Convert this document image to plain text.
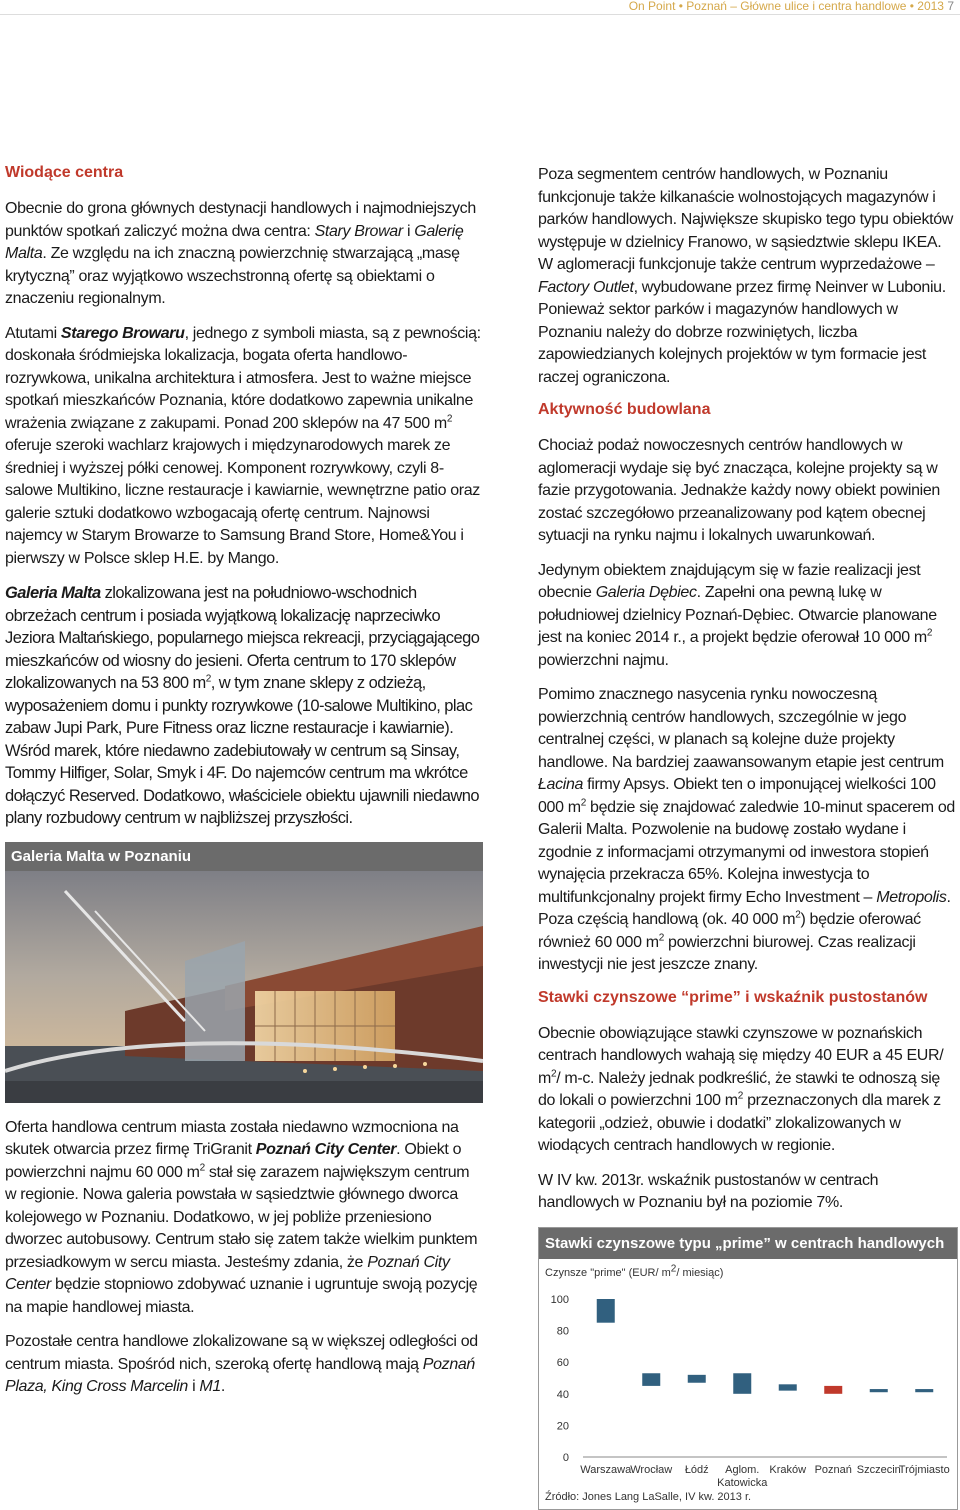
On Point • Poznań – Główne ulice i centra handlowe • 2013 7
Wiodące centra

Obecnie do grona głównych destynacji handlowych i najmodniejszych punktów spotkań zaliczyć można dwa centra: Stary Browar i Galerię Malta. Ze względu na ich znaczną powierzchnię stwarzającą „masę krytyczną” oraz wyjątkowo wszechstronną ofertę są obiektami o znaczeniu regionalnym.

Atutami Starego Browaru, jednego z symboli miasta, są z pewnością: doskonała śródmiejska lokalizacja, bogata oferta handlowo-rozrywkowa, unikalna architektura i atmosfera. Jest to ważne miejsce spotkań mieszkańców Poznania, które dodatkowo zapewnia unikalne wrażenia związane z zakupami. Ponad 200 sklepów na 47 500 $m^2$ oferuje szeroki wachlarz krajowych i międzynarodowych marek ze średniej i wyższej półki cenowej. Komponent rozrywkowy, czyli 8-salowe Multikino, liczne restauracje i kawiarnie, wewnętrzne patio oraz galerie sztuki dodatkowo wzbogacają ofertę centrum. Najnowsi najemcy w Starym Browarze to Samsung Brand Store, Home&You i pierwszy w Polsce sklep H.E. by Mango.

Galeria Malta zlokalizowana jest na południowo-wschodnich obrzeżach centrum i posiada wyjątkową lokalizację naprzeciwko Jeziora Maltańskiego, popularnego miejsca rekreacji, przyciągającego mieszkańców od wiosny do jesieni. Oferta centrum to 170 sklepów zlokalizowanych na 53 800 $m^2$, w tym znane sklepy z odzieżą, wyposażeniem domu i punkty rozrywkowe (10-salowe Multikino, plac zabaw Jupi Park, Pure Fitness oraz liczne restauracje i kawiarnie). Wśród marek, które niedawno zadebiutowały w centrum są Sinsay, Tommy Hilfiger, Solar, Smyk i 4F. Do najemców centrum ma wkrótce dołączyć Reserved. Dodatkowo, właściciele obiektu ujawnili niedawno plany rozbudowy centrum w najbliższej przyszłości.

Galeria Malta w Poznaniu

Oferta handlowa centrum miasta została niedawno wzmocniona na skutek otwarcia przez firmę TriGranit Poznań City Center. Obiekt o powierzchni najmu 60 000 $m^2$ stał się zarazem największym centrum w regionie. Nowa galeria powstała w sąsiedztwie głównego dworca kolejowego w Poznaniu. Dodatkowo, w jej pobliże przeniesiono dworzec autobusowy. Centrum stało się zatem także wielkim punktem przesiadkowym w sercu miasta. Jesteśmy zdania, że Poznań City Center będzie stopniowo zdobywać uznanie i ugruntuje swoją pozycję na mapie handlowej miasta.

Pozostałe centra handlowe zlokalizowane są w większej odległości od centrum miasta. Spośród nich, szeroką ofertę handlową mają Poznań Plaza, King Cross Marcelin i M1.

Poza segmentem centrów handlowych, w Poznaniu funkcjonuje także kilkanaście wolnostojących magazynów i parków handlowych. Największe skupisko tego typu obiektów występuje w dzielnicy Franowo, w sąsiedztwie sklepu IKEA. W aglomeracji funkcjonuje także centrum wyprzedażowe – Factory Outlet, wybudowane przez firmę Neinver w Luboniu. Ponieważ sektor parków i magazynów handlowych w Poznaniu należy do dobrze rozwiniętych, liczba zapowiedzianych kolejnych projektów w tym formacie jest raczej ograniczona.

Aktywność budowlana

Chociaż podaż nowoczesnych centrów handlowych w aglomeracji wydaje się być znacząca, kolejne projekty są w fazie przygotowania. Jednakże każdy nowy obiekt powinien zostać szczegółowo przeanalizowany pod kątem obecnej sytuacji na rynku najmu i lokalnych uwarunkowań.

Jedynym obiektem znajdującym się w fazie realizacji jest obecnie Galeria Dębiec. Zapełni ona pewną lukę w południowej dzielnicy Poznań-Dębiec. Otwarcie planowane jest na koniec 2014 r., a projekt będzie oferował 10 000 $m^2$ powierzchni najmu.

Pomimo znacznego nasycenia rynku nowoczesną powierzchnią centrów handlowych, szczególnie w jego centralnej części, w planach są kolejne duże projekty handlowe. Na bardziej zaawansowanym etapie jest centrum Łacina firmy Apsys. Obiekt ten o imponującej wielkości 100 000 $m^2$ będzie się znajdować zaledwie 10-minut spacerem od Galerii Malta. Pozwolenie na budowę zostało wydane i zgodnie z informacjami otrzymanymi od inwestora stopień wynajęcia przekracza 65%. Kolejna inwestycja to multifunkcjonalny projekt firmy Echo Investment – Metropolis. Poza częścią handlową (ok. 40 000 $m^2$) będzie oferować również 60 000 $m^2$ powierzchni biurowej. Czas realizacji inwestycji nie jest jeszcze znany.

Stawki czynszowe “prime” i wskaźnik pustostanów

Obecnie obowiązujące stawki czynszowe w poznańskich centrach handlowych wahają się między 40 EUR a 45 EUR/ $m^2/$ m-c. Należy jednak podkreślić, że stawki te odnoszą się do lokali o powierzchni 100 $m^2$ przeznaczonych dla marek z kategorii „odzież, obuwie i dodatki” zlokalizowanych w wiodących centrach handlowych w regionie.

W IV kw. 2013r. wskaźnik pustostanów w centrach handlowych w Poznaniu był na poziomie 7%.

Stawki czynszowe typu „prime” w centrach handlowych
Czynsze "prime" (EUR/ $m^2/$ miesiąc)
0
20
40
60
80
100
Warszawa Wrocław Łódź Aglom.
Katowicka
Kraków Poznań Szczecin
Trójmiasto
Źródło: Jones Lang LaSalle, IV kw. 2013 r.
